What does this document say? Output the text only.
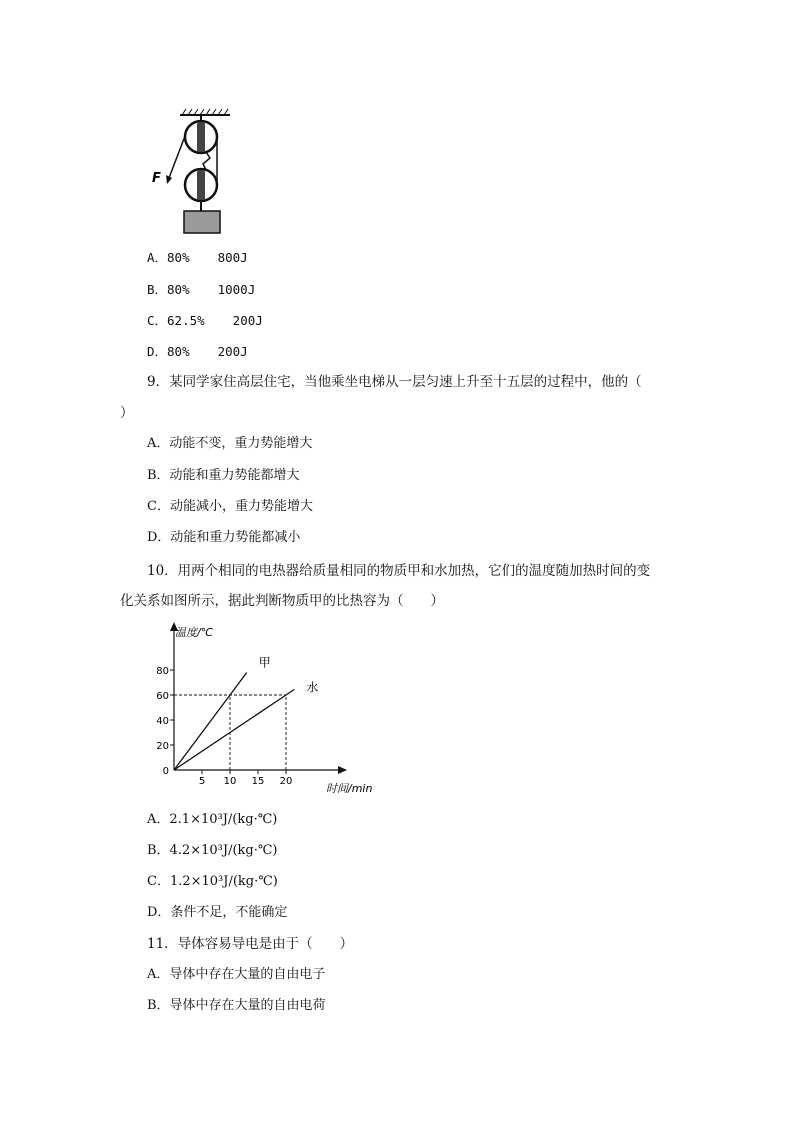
F
A．80% 800J
B．80% 1000J
C．62.5% 200J
D．80% 200J
9．某同学家住高层住宅，当他乘坐电梯从一层匀速上升至十五层的过程中，他的（
）
A．动能不变，重力势能增大
B．动能和重力势能都增大
C．动能减小，重力势能增大
D．动能和重力势能都减小
10．用两个相同的电热器给质量相同的物质甲和水加热，它们的温度随加热时间的变
化关系如图所示，据此判断物质甲的比热容为（　　）
温度/℃
时间/min
0
20
40
60
80
5 10 15 20
甲
水
A．2.1×10³J/(kg·℃)
B．4.2×10³J/(kg·℃)
C．1.2×10³J/(kg·℃)
D．条件不足，不能确定
11．导体容易导电是由于（　　）
A．导体中存在大量的自由电子
B．导体中存在大量的自由电荷
